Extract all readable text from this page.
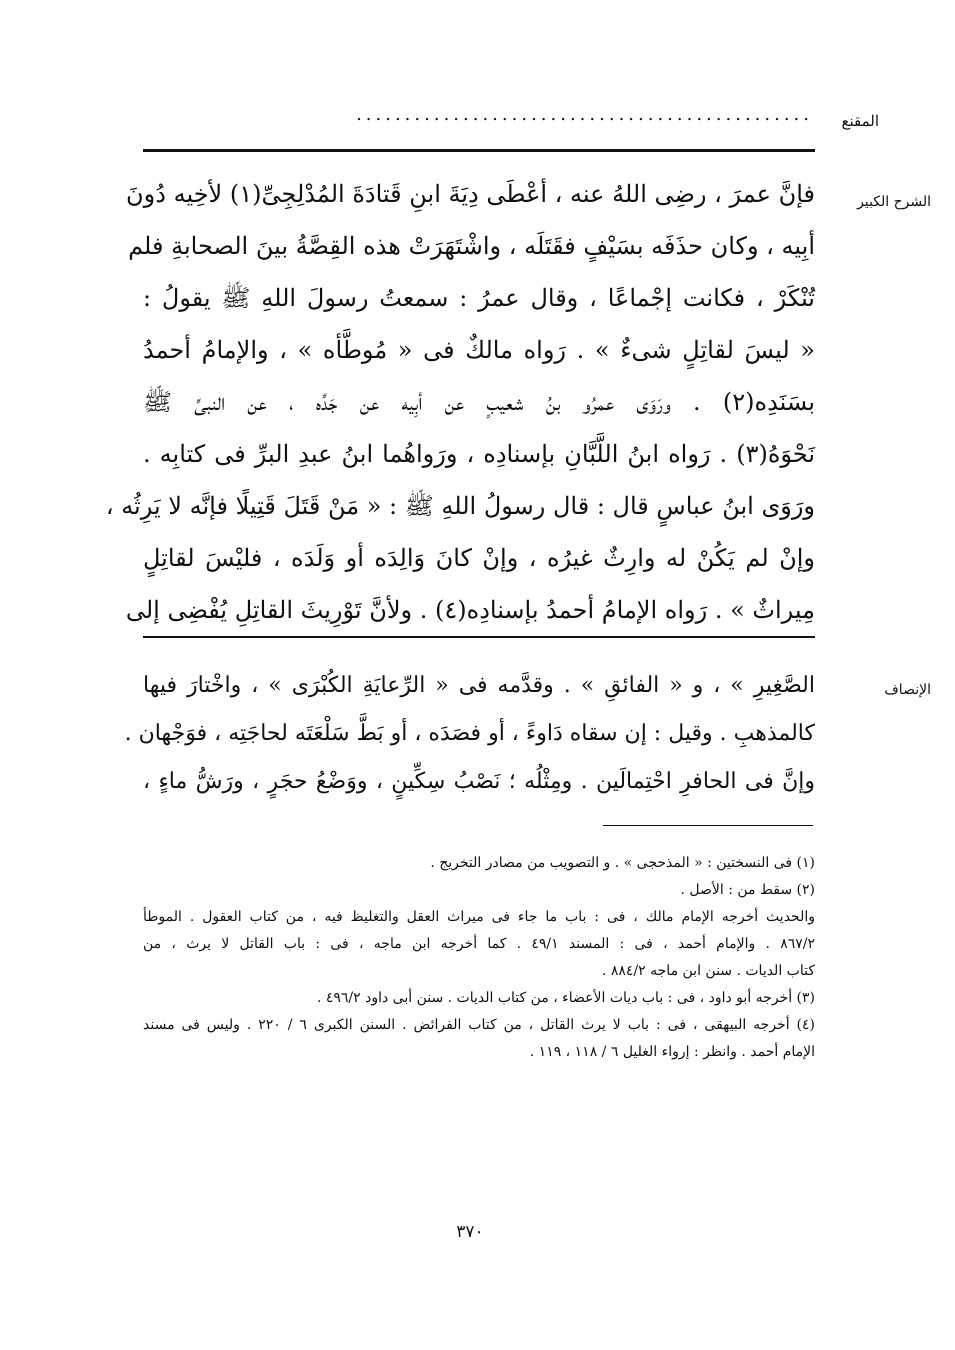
المقنع
...............................................
الشرح الكبير
فإنَّ عمرَ ، رضِى اللهُ عنه ، أعْطَى دِيَةَ ابنِ قَتادَةَ المُدْلِجِىِّ(١) لأخِيه دُونَ
أبِيه ، وكان حذَفَه بسَيْفٍ فقَتَلَه ، واشْتَهَرَتْ هذه القِصَّةُ بينَ الصحابةِ فلم
تُنْكَرْ ، فكانت إجْماعًا ، وقال عمرُ : سمعتُ رسولَ اللهِ ﷺ يقولُ :
« ليسَ لقاتِلٍ شىءٌ » . رَواه مالكٌ فى « مُوطَّأه » ، والإمامُ أحمدُ
بسَنَدِه(٢) . ورَوَى عمرُو بنُ شعيبٍ عن أبِيه عن جَدِّه ، عن النبىِّ ﷺ
نَحْوَهُ(٣) . رَواه ابنُ اللَّبَّانِ بإسنادِه ، ورَواهُما ابنُ عبدِ البرِّ فى كتابِه .
ورَوَى ابنُ عباسٍ قال : قال رسولُ اللهِ ﷺ : « مَنْ قَتَلَ قَتِيلًا فإنَّه لا يَرِثُه ،
وإنْ لم يَكُنْ له وارِثٌ غيرُه ، وإنْ كانَ وَالِدَه أو وَلَدَه ، فليْسَ لقاتِلٍ
مِيراثٌ » . رَواه الإمامُ أحمدُ بإسنادِه(٤) . ولأنَّ تَوْرِيثَ القاتِلِ يُفْضِى إلى
الإنصاف
الصَّغِيرِ » ، و « الفائقِ » . وقدَّمه فى « الرِّعايَةِ الكُبْرَى » ، واخْتارَ فيها
كالمذهبِ . وقيل : إن سقاه دَاوءً ، أو فصَدَه ، أو بَطَّ سَلْعَتَه لحاجَتِه ، فوَجْهان .
وإنَّ فى الحافرِ احْتِمالَين . ومِثْلُه ؛ نَصْبُ سِكِّينٍ ، ووَضْعُ حجَرٍ ، ورَشُّ ماءٍ ،
(١) فى النسختين : « المذحجى » . و التصويب من مصادر التخريج .
(٢) سقط من : الأصل .
والحديث أخرجه الإمام مالك ، فى : باب ما جاء فى ميراث العقل والتغليظ فيه ، من كتاب العقول . الموطأ
٨٦٧/٢ . والإمام أحمد ، فى : المسند ٤٩/١ . كما أخرجه ابن ماجه ، فى : باب القاتل لا يرث ، من
كتاب الديات . سنن ابن ماجه ٨٨٤/٢ .
(٣) أخرجه أبو داود ، فى : باب ديات الأعضاء ، من كتاب الديات . سنن أبى داود ٤٩٦/٢ .
(٤) أخرجه البيهقى ، فى : باب لا يرث القاتل ، من كتاب الفرائض . السنن الكبرى ٦ / ٢٢٠ . وليس فى مسند
الإمام أحمد . وانظر : إرواء الغليل ٦ / ١١٨ ، ١١٩ .
٣٧٠
